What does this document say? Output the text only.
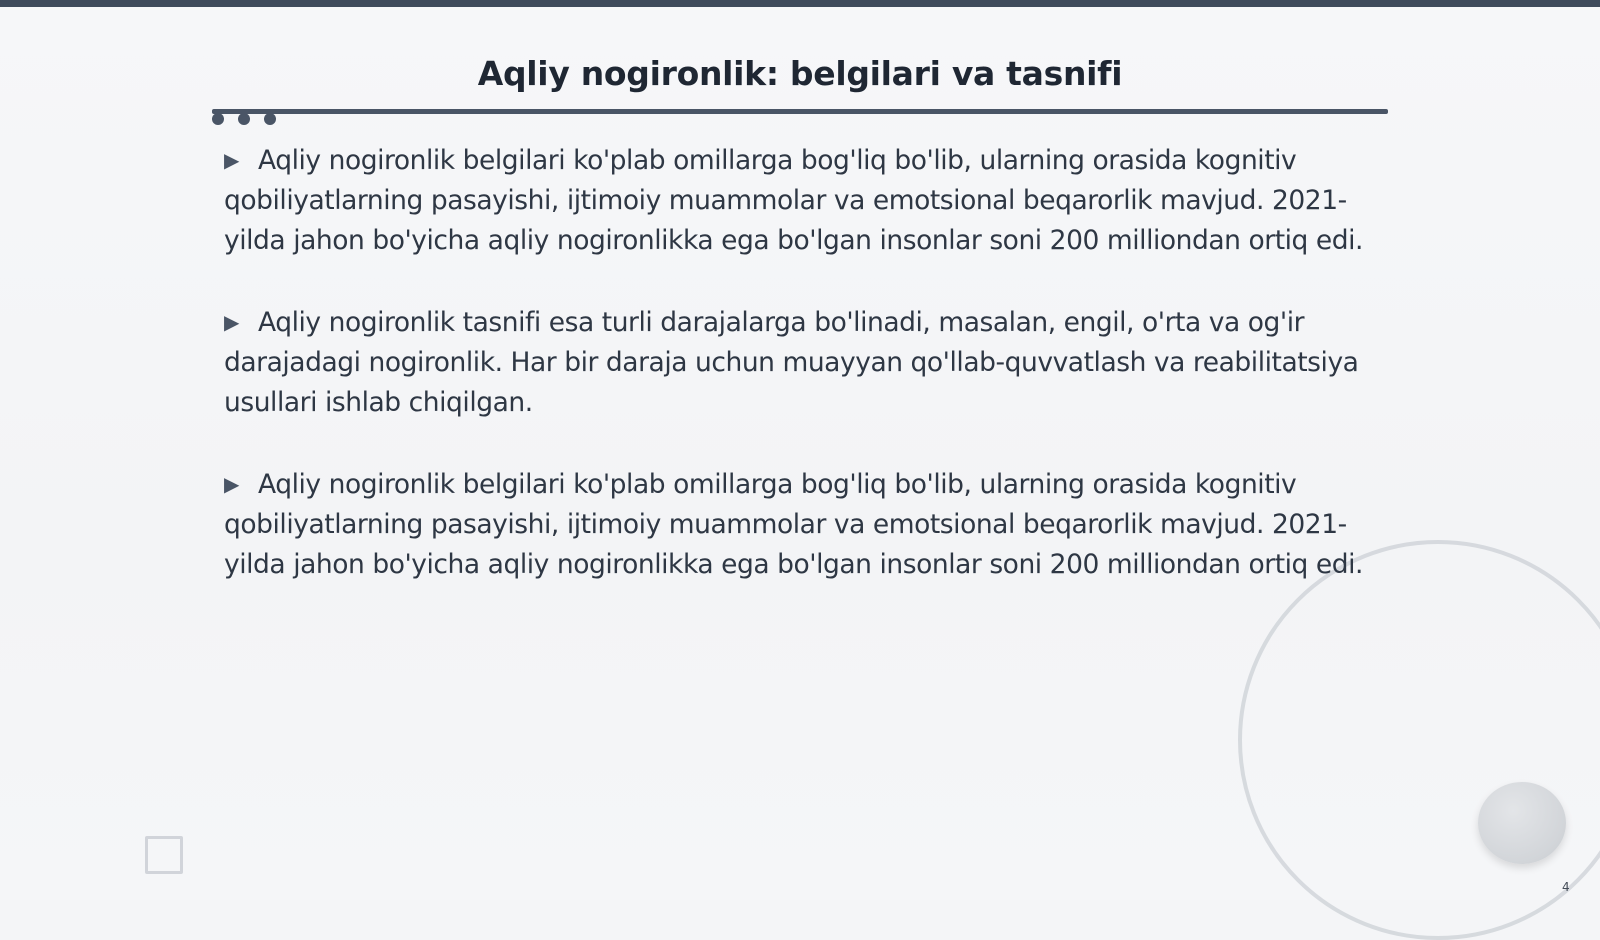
Aqliy nogironlik: belgilari va tasnifi

▶ Aqliy nogironlik belgilari ko'plab omillarga bog'liq bo'lib, ularning orasida kognitiv qobiliyatlarning pasayishi, ijtimoiy muammolar va emotsional beqarorlik mavjud. 2021-yilda jahon bo'yicha aqliy nogironlikka ega bo'lgan insonlar soni 200 milliondan ortiq edi.

▶ Aqliy nogironlik tasnifi esa turli darajalarga bo'linadi, masalan, engil, o'rta va og'ir darajadagi nogironlik. Har bir daraja uchun muayyan qo'llab-quvvatlash va reabilitatsiya usullari ishlab chiqilgan.

▶ Aqliy nogironlik belgilari ko'plab omillarga bog'liq bo'lib, ularning orasida kognitiv qobiliyatlarning pasayishi, ijtimoiy muammolar va emotsional beqarorlik mavjud. 2021-yilda jahon bo'yicha aqliy nogironlikka ega bo'lgan insonlar soni 200 milliondan ortiq edi.

4
